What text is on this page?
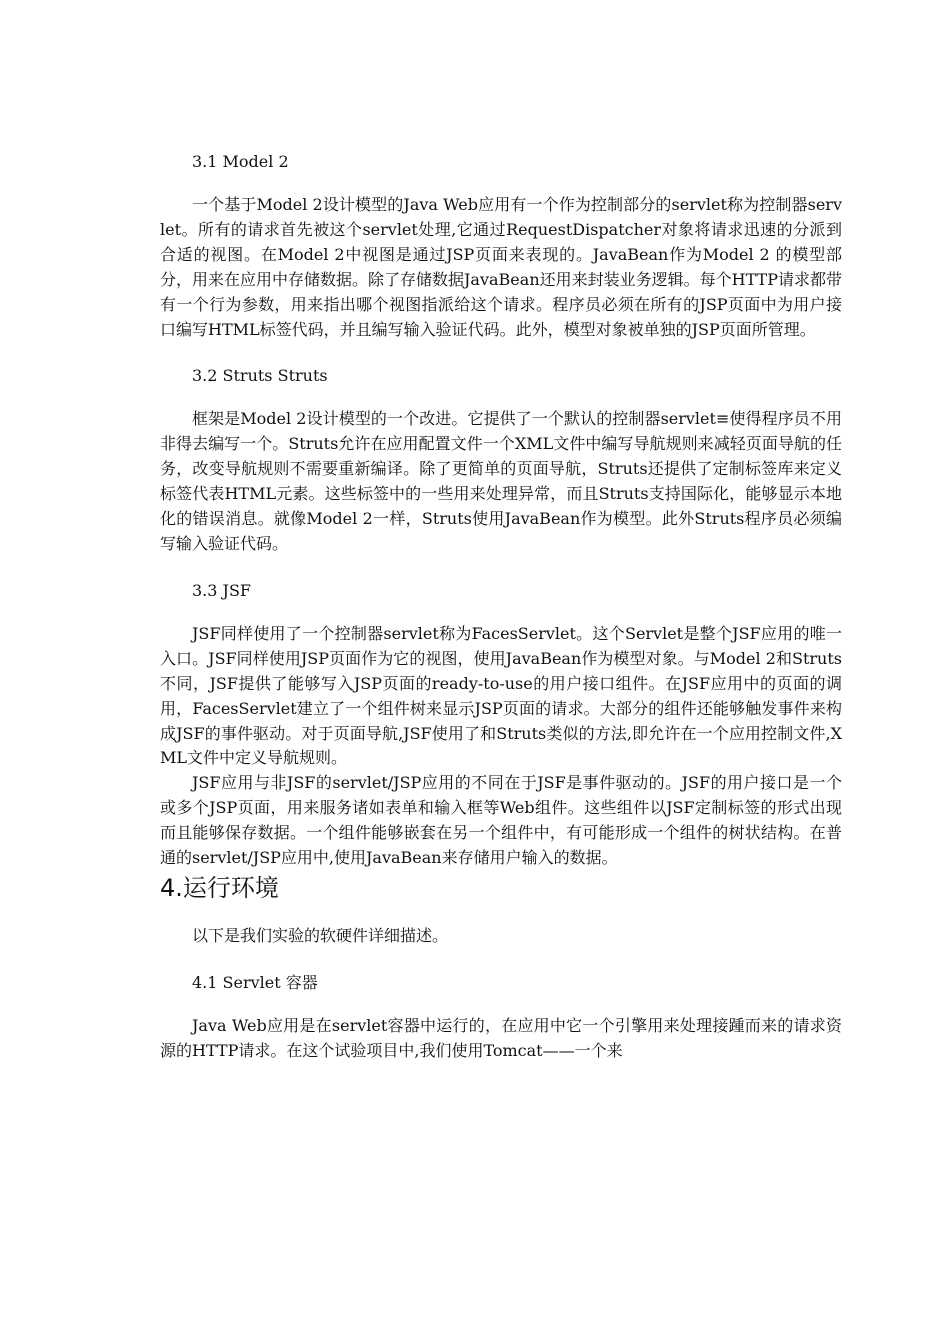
3.1 Model 2

一个基于Model 2设计模型的Java Web应用有一个作为控制部分的servlet称为控制器servlet。所有的请求首先被这个servlet处理,它通过RequestDispatcher对象将请求迅速的分派到合适的视图。在Model 2中视图是通过JSP页面来表现的。JavaBean作为Model 2 的模型部分，用来在应用中存储数据。除了存储数据JavaBean还用来封装业务逻辑。每个HTTP请求都带有一个行为参数，用来指出哪个视图指派给这个请求。程序员必须在所有的JSP页面中为用户接口编写HTML标签代码，并且编写输入验证代码。此外，模型对象被单独的JSP页面所管理。

3.2 Struts Struts

框架是Model 2设计模型的一个改进。它提供了一个默认的控制器servlet≡使得程序员不用非得去编写一个。Struts允许在应用配置文件一个XML文件中编写导航规则来减轻页面导航的任务，改变导航规则不需要重新编译。除了更简单的页面导航，Struts还提供了定制标签库来定义标签代表HTML元素。这些标签中的一些用来处理异常，而且Struts支持国际化，能够显示本地化的错误消息。就像Model 2一样，Struts使用JavaBean作为模型。此外Struts程序员必须编写输入验证代码。

3.3 JSF

JSF同样使用了一个控制器servlet称为FacesServlet。这个Servlet是整个JSF应用的唯一入口。JSF同样使用JSP页面作为它的视图，使用JavaBean作为模型对象。与Model 2和Struts不同，JSF提供了能够写入JSP页面的ready-to-use的用户接口组件。在JSF应用中的页面的调用，FacesServlet建立了一个组件树来显示JSP页面的请求。大部分的组件还能够触发事件来构成JSF的事件驱动。对于页面导航,JSF使用了和Struts类似的方法,即允许在一个应用控制文件,XML文件中定义导航规则。

JSF应用与非JSF的servlet/JSP应用的不同在于JSF是事件驱动的。JSF的用户接口是一个或多个JSP页面，用来服务诸如表单和输入框等Web组件。这些组件以JSF定制标签的形式出现而且能够保存数据。一个组件能够嵌套在另一个组件中，有可能形成一个组件的树状结构。在普通的servlet/JSP应用中,使用JavaBean来存储用户输入的数据。

4.运行环境

以下是我们实验的软硬件详细描述。

4.1 Servlet 容器

Java Web应用是在servlet容器中运行的，在应用中它一个引擎用来处理接踵而来的请求资源的HTTP请求。在这个试验项目中,我们使用Tomcat——一个来
